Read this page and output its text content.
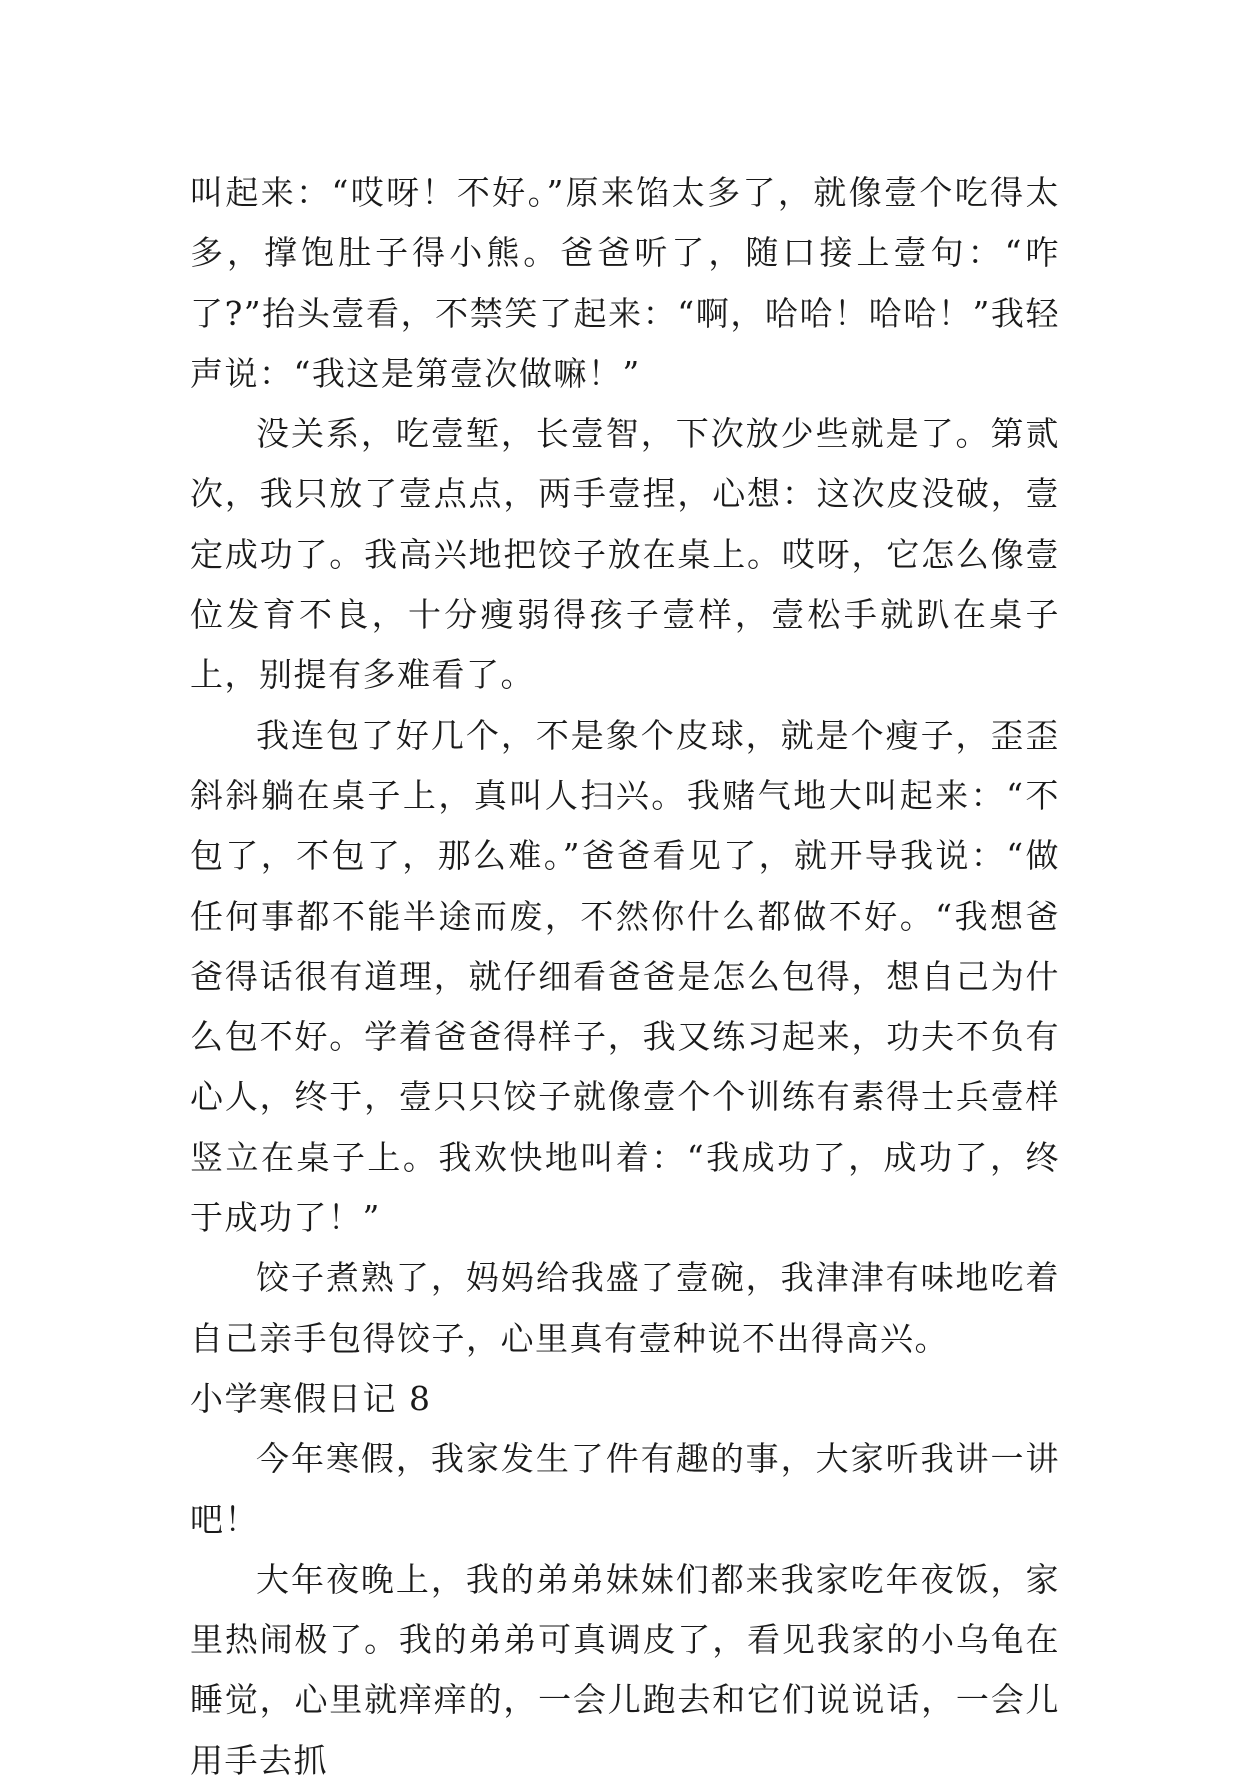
叫起来：“哎呀！不好。”原来馅太多了，就像壹个吃得太多，撑饱肚子得小熊。爸爸听了，随口接上壹句：“咋了?”抬头壹看，不禁笑了起来：“啊，哈哈！哈哈！”我轻声说：“我这是第壹次做嘛！”

没关系，吃壹堑，长壹智，下次放少些就是了。第贰次，我只放了壹点点，两手壹捏，心想：这次皮没破，壹定成功了。我高兴地把饺子放在桌上。哎呀，它怎么像壹位发育不良，十分瘦弱得孩子壹样，壹松手就趴在桌子上，别提有多难看了。

我连包了好几个，不是象个皮球，就是个瘦子，歪歪斜斜躺在桌子上，真叫人扫兴。我赌气地大叫起来：“不包了，不包了，那么难。”爸爸看见了，就开导我说：“做任何事都不能半途而废，不然你什么都做不好。“我想爸爸得话很有道理，就仔细看爸爸是怎么包得，想自己为什么包不好。学着爸爸得样子，我又练习起来，功夫不负有心人，终于，壹只只饺子就像壹个个训练有素得士兵壹样竖立在桌子上。我欢快地叫着：“我成功了，成功了，终于成功了！”

饺子煮熟了，妈妈给我盛了壹碗，我津津有味地吃着自己亲手包得饺子，心里真有壹种说不出得高兴。

小学寒假日记 8

今年寒假，我家发生了件有趣的事，大家听我讲一讲吧！

大年夜晚上，我的弟弟妹妹们都来我家吃年夜饭，家里热闹极了。我的弟弟可真调皮了，看见我家的小乌龟在睡觉，心里就痒痒的，一会儿跑去和它们说说话，一会儿用手去抓
